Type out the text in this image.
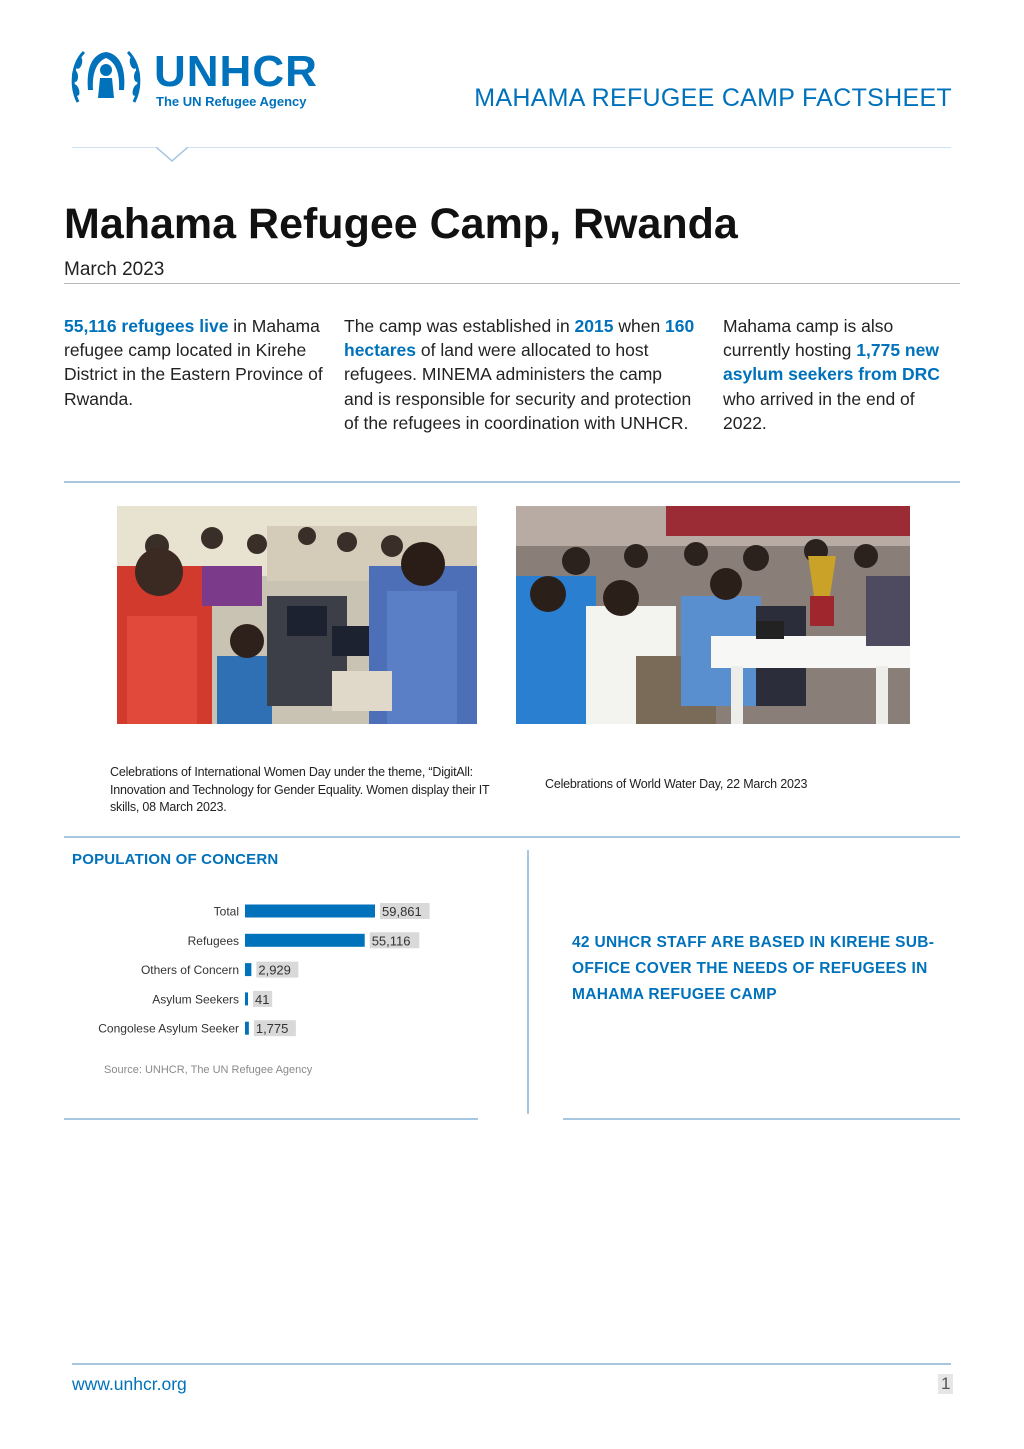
UNHCR
The UN Refugee Agency	MAHAMA REFUGEE CAMP FACTSHEET
Mahama Refugee Camp, Rwanda
March 2023
55,116 refugees live in Mahama refugee camp located in Kirehe District in the Eastern Province of Rwanda.
The camp was established in 2015 when 160 hectares of land were allocated to host refugees. MINEMA administers the camp and is responsible for security and protection of the refugees in coordination with UNHCR.
Mahama camp is also currently hosting 1,775 new asylum seekers from DRC who arrived in the end of 2022.
Celebrations of International Women Day under the theme, “DigitAll: Innovation and Technology for Gender Equality. Women display their IT skills, 08 March 2023.
Celebrations of World Water Day, 22 March 2023
POPULATION OF CONCERN
Total	59,861
Refugees	55,116
Others of Concern 2,929
Asylum Seekers 41
Congolese Asylum Seeker 1,775
Source: UNHCR, The UN Refugee Agency
42 UNHCR STAFF ARE BASED IN KIREHE SUB-OFFICE COVER THE NEEDS OF REFUGEES IN MAHAMA REFUGEE CAMP
www.unhcr.org	1
